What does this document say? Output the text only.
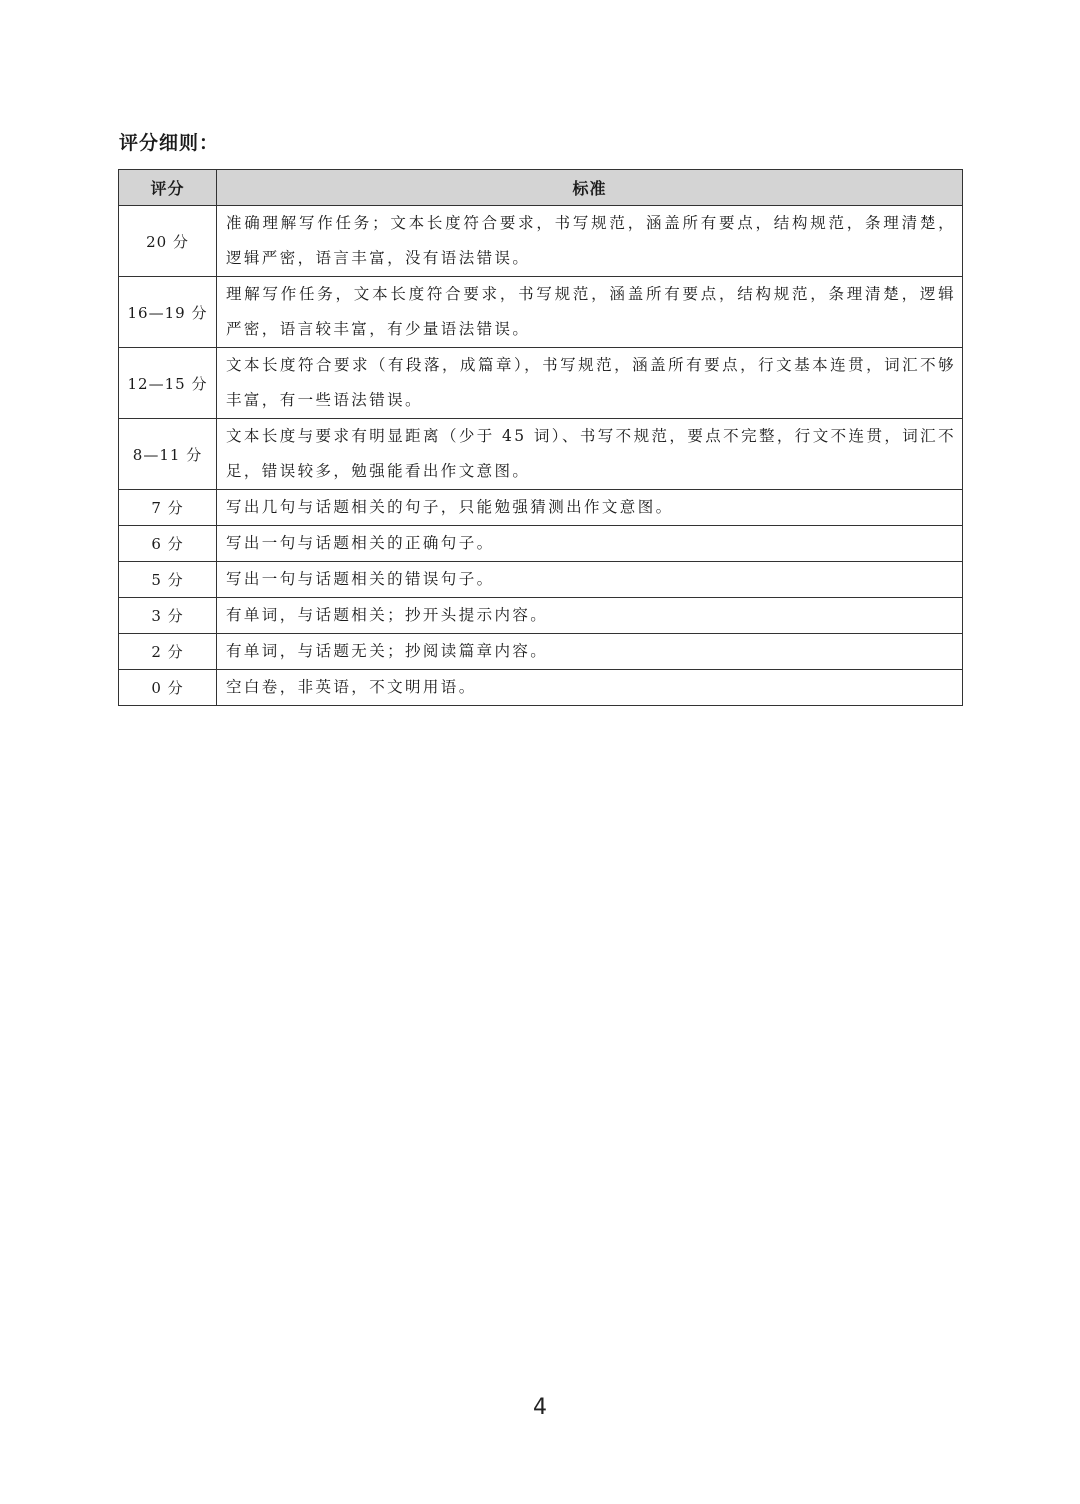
评分细则：
评分	标准
20 分	准确理解写作任务；文本长度符合要求，书写规范，涵盖所有要点，结构规范，条理清楚，逻辑严密，语言丰富，没有语法错误。
16—19 分	理解写作任务，文本长度符合要求，书写规范，涵盖所有要点，结构规范，条理清楚，逻辑严密，语言较丰富，有少量语法错误。
12—15 分	文本长度符合要求（有段落，成篇章），书写规范，涵盖所有要点，行文基本连贯，词汇不够丰富，有一些语法错误。
8—11 分	文本长度与要求有明显距离（少于 45 词）、书写不规范，要点不完整，行文不连贯，词汇不足，错误较多，勉强能看出作文意图。
7 分	写出几句与话题相关的句子，只能勉强猜测出作文意图。
6 分	写出一句与话题相关的正确句子。
5 分	写出一句与话题相关的错误句子。
3 分	有单词，与话题相关；抄开头提示内容。
2 分	有单词，与话题无关；抄阅读篇章内容。
0 分	空白卷，非英语，不文明用语。
4
